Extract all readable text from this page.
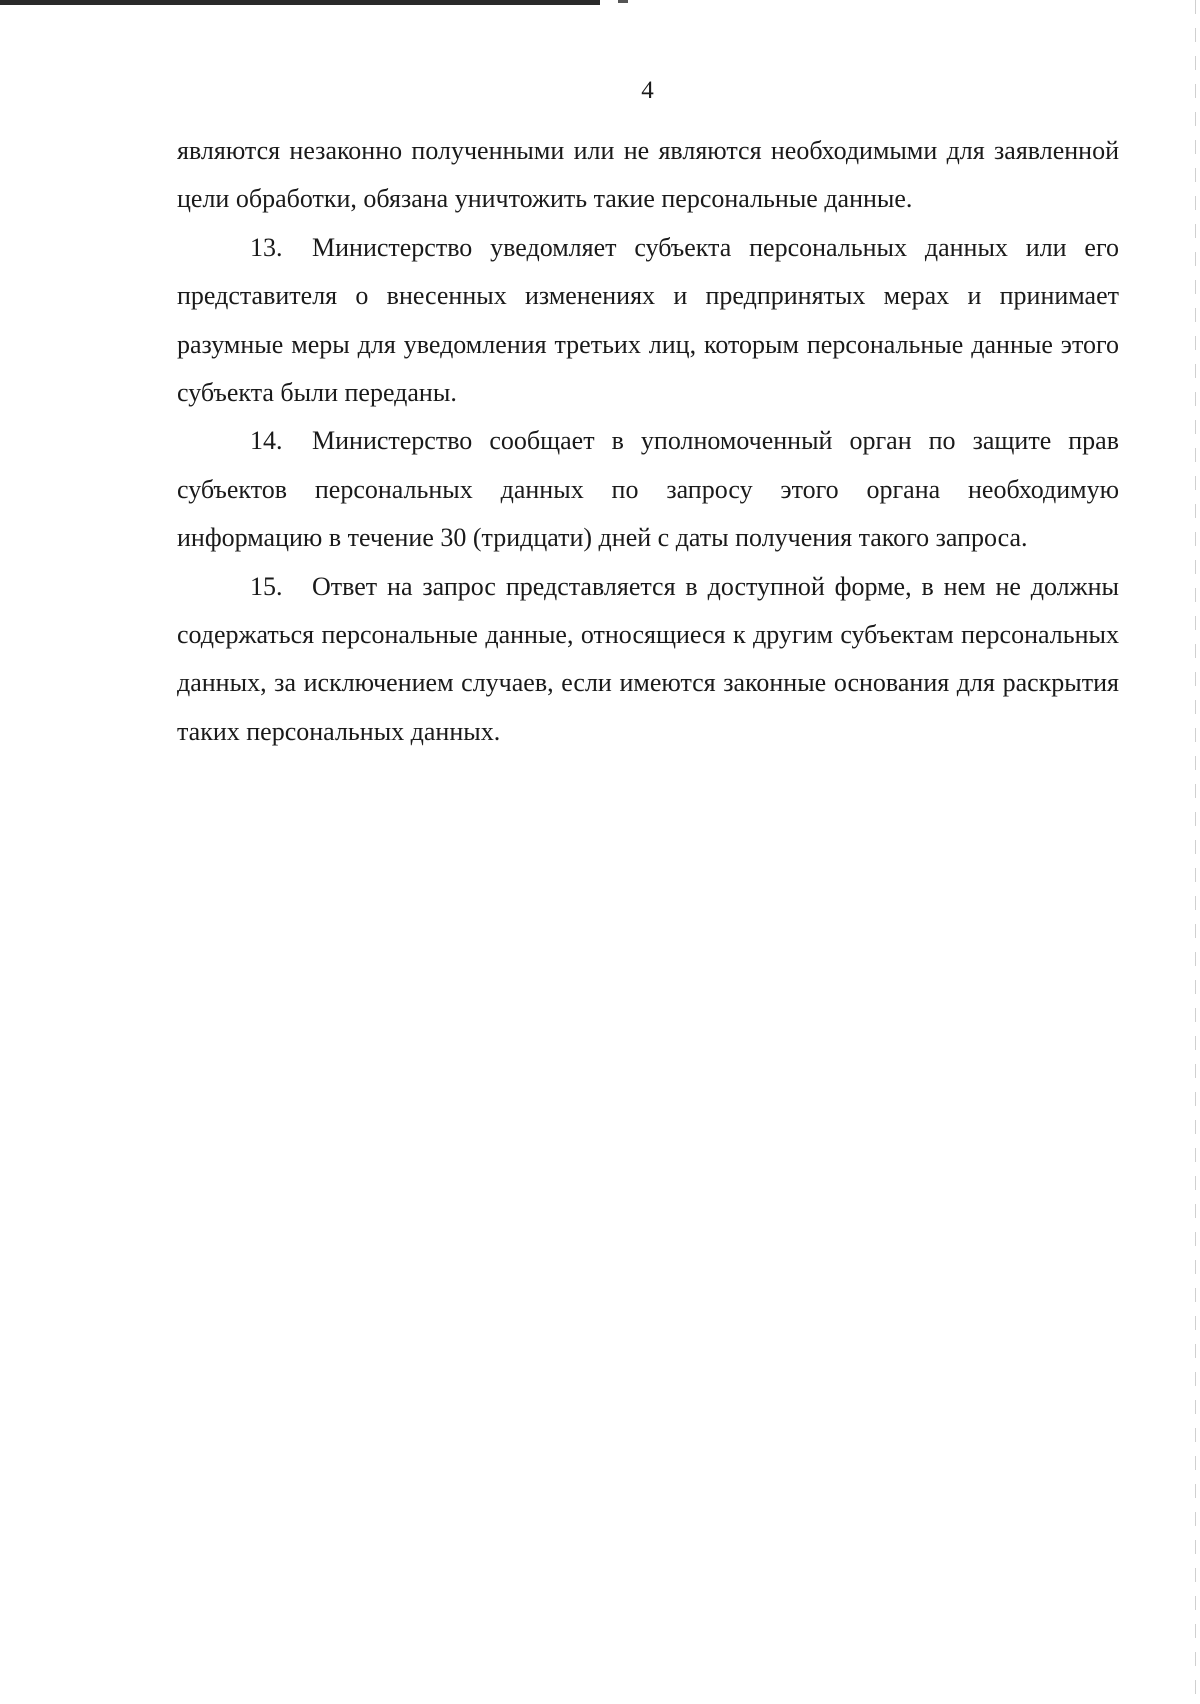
4

являются незаконно полученными или не являются необходимыми для заявленной цели обработки, обязана уничтожить такие персональные данные.

13. Министерство уведомляет субъекта персональных данных или его представителя о внесенных изменениях и предпринятых мерах и принимает разумные меры для уведомления третьих лиц, которым персональные данные этого субъекта были переданы.

14. Министерство сообщает в уполномоченный орган по защите прав субъектов персональных данных по запросу этого органа необходимую информацию в течение 30 (тридцати) дней с даты получения такого запроса.

15. Ответ на запрос представляется в доступной форме, в нем не должны содержаться персональные данные, относящиеся к другим субъектам персональных данных, за исключением случаев, если имеются законные основания для раскрытия таких персональных данных.
